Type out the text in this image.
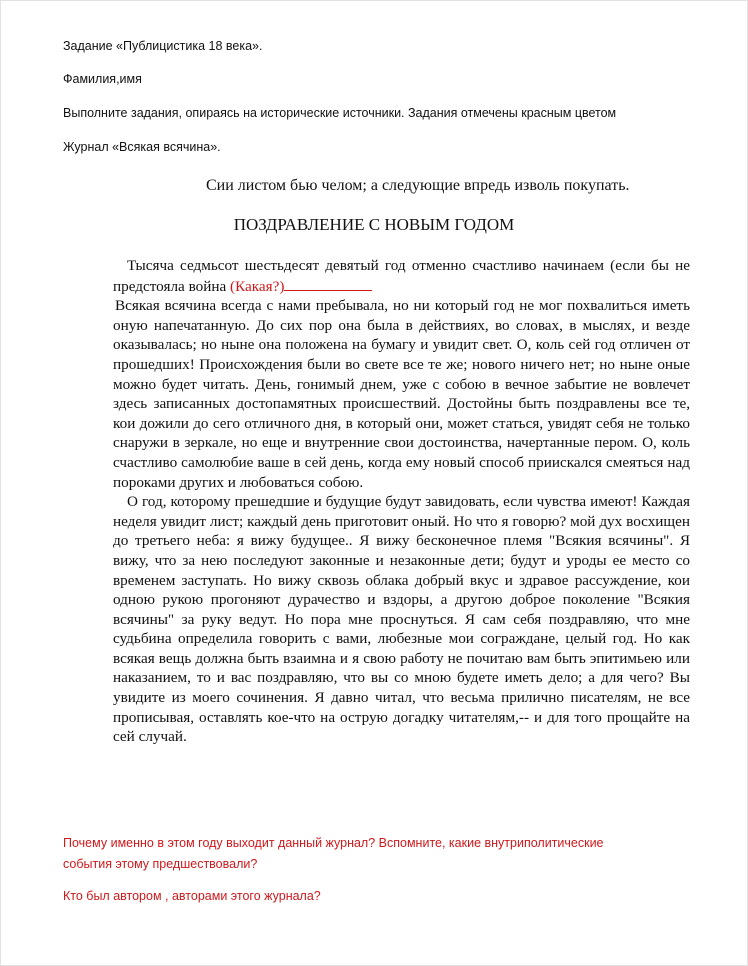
Задание «Публицистика 18 века».
Фамилия,имя
Выполните задания, опираясь на исторические источники. Задания отмечены красным цветом
Журнал «Всякая всячина».
Сии листом бью челом; а следующие впредь изволь покупать.
ПОЗДРАВЛЕНИЕ С НОВЫМ ГОДОМ

Тысяча седмьсот шестьдесят девятый год отменно счастливо начинаем (если бы не предстояла война (Какая?)

Всякая всячина всегда с нами пребывала, но ни который год не мог похвалиться иметь оную напечатанную. До сих пор она была в действиях, во словах, в мыслях, и везде оказывалась; но ныне она положена на бумагу и увидит свет. О, коль сей год отличен от прошедших! Происхождения были во свете все те же; нового ничего нет; но ныне оные можно будет читать. День, гонимый днем, уже с собою в вечное забытие не вовлечет здесь записанных достопамятных происшествий. Достойны быть поздравлены все те, кои дожили до сего отличного дня, в который они, может статься, увидят себя не только снаружи в зеркале, но еще и внутренние свои достоинства, начертанные пером. О, коль счастливо самолюбие ваше в сей день, когда ему новый способ приискался смеяться над пороками других и любоваться собою.

О год, которому прешедшие и будущие будут завидовать, если чувства имеют! Каждая неделя увидит лист; каждый день приготовит оный. Но что я говорю? мой дух восхищен до третьего неба: я вижу будущее.. Я вижу бесконечное племя "Всякия всячины". Я вижу, что за нею последуют законные и незаконные дети; будут и уроды ее место со временем заступать. Но вижу сквозь облака добрый вкус и здравое рассуждение, кои одною рукою прогоняют дурачество и вздоры, а другою доброе поколение "Всякия всячины" за руку ведут. Но пора мне проснуться. Я сам себя поздравляю, что мне судьбина определила говорить с вами, любезные мои сограждане, целый год. Но как всякая вещь должна быть взаимна и я свою работу не почитаю вам быть эпитимьею или наказанием, то и вас поздравляю, что вы со мною будете иметь дело; а для чего? Вы увидите из моего сочинения. Я давно читал, что весьма прилично писателям, не все прописывая, оставлять кое-что на острую догадку читателям,-- и для того прощайте на сей случай.

Почему именно в этом году выходит данный журнал? Вспомните, какие внутриполитические события этому предшествовали?
Кто был автором , авторами этого журнала?
